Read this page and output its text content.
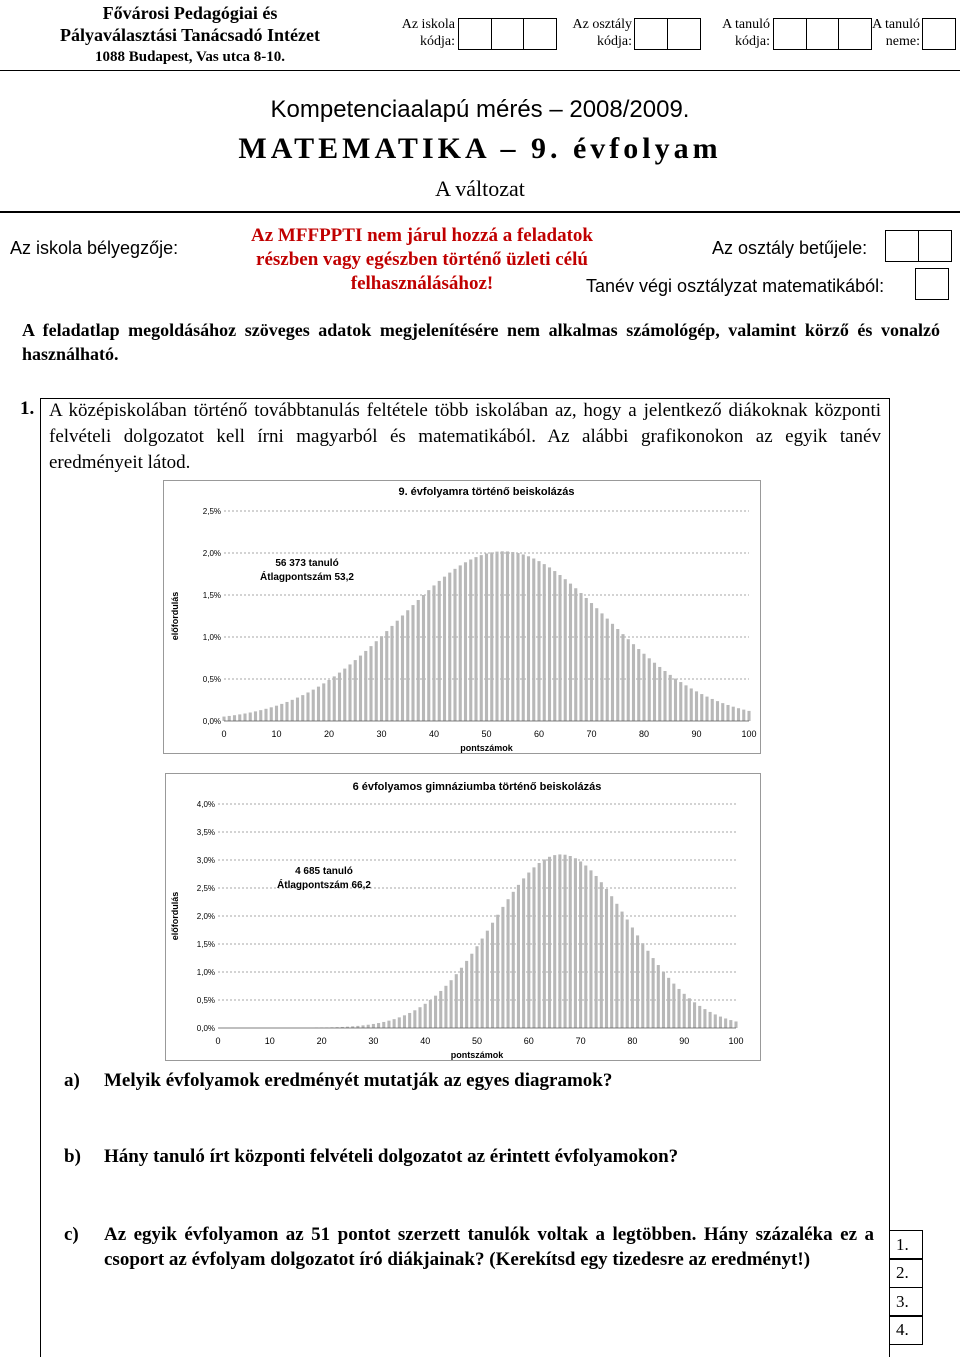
Fővárosi Pedagógiai és
Pályaválasztási Tanácsadó Intézet
1088 Budapest, Vas utca 8-10.
Az iskola
kódja:
Az osztály
kódja:
A tanuló
kódja:
A tanuló
neme:
Kompetenciaalapú mérés – 2008/2009.
MATEMATIKA – 9. évfolyam
A változat
Az iskola bélyegzője:
Az MFFPPTI nem járul hozzá a feladatok
részben vagy egészben történő üzleti célú
felhasználásához!
Az osztály betűjele:
Tanév végi osztályzat matematikából:
A feladatlap megoldásához szöveges adatok megjelenítésére nem alkalmas számológép, valamint körző és vonalzó használható.
1. A középiskolában történő továbbtanulás feltétele több iskolában az, hogy a jelentkező diákoknak központi felvételi dolgozatot kell írni magyarból és matematikából. Az alábbi grafikonokon az egyik tanév eredményeit látod.
9. évfolyamra történő beiskolázás
0,0%
0,5%
1,0%
1,5%
2,0%
2,5%
0	10	20	30	40	50	60	70	80	90	100
pontszámok
előfordulás
56 373 tanuló
Átlagpontszám 53,2
6 évfolyamos gimnáziumba történő beiskolázás
0,0%
0,5%
1,0%
1,5%
2,0%
2,5%
3,0%
3,5%
4,0%
0	10	20	30	40	50	60	70	80	90	100
pontszámok
előfordulás
4 685 tanuló
Átlagpontszám 66,2
a) Melyik évfolyamok eredményét mutatják az egyes diagramok?
b) Hány tanuló írt központi felvételi dolgozatot az érintett évfolyamokon?
c) Az egyik évfolyamon az 51 pontot szerzett tanulók voltak a legtöbben. Hány százaléka ez a csoport az évfolyam dolgozatot író diákjainak? (Kerekítsd egy tizedesre az eredményt!)
1.
2.
3.
4.
